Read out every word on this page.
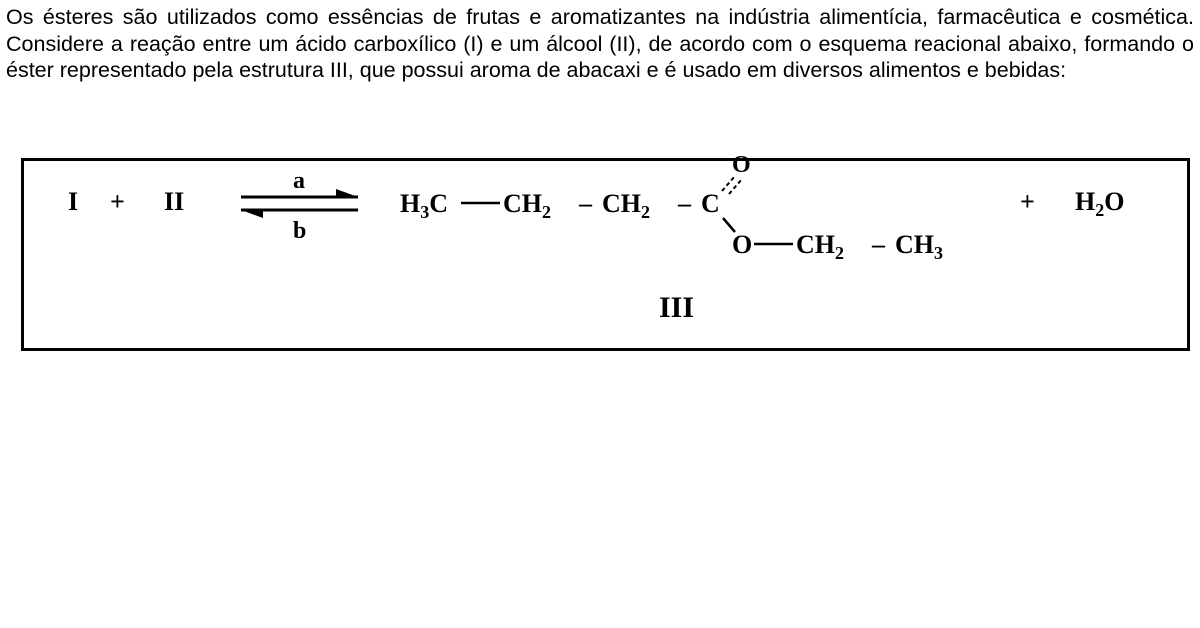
Os ésteres são utilizados como essências de frutas e aromatizantes na indústria alimentícia, farmacêutica e cosmética. Considere a reação entre um ácido carboxílico (I) e um álcool (II), de acordo com o esquema reacional abaixo, formando o éster representado pela estrutura III, que possui aroma de abacaxi e é usado em diversos alimentos e bebidas:

I + II
a
b
$H_3C$ $CH_2 - CH_2$ – C
O
O $CH_2 - CH_3$
+ $H_2O$
III
